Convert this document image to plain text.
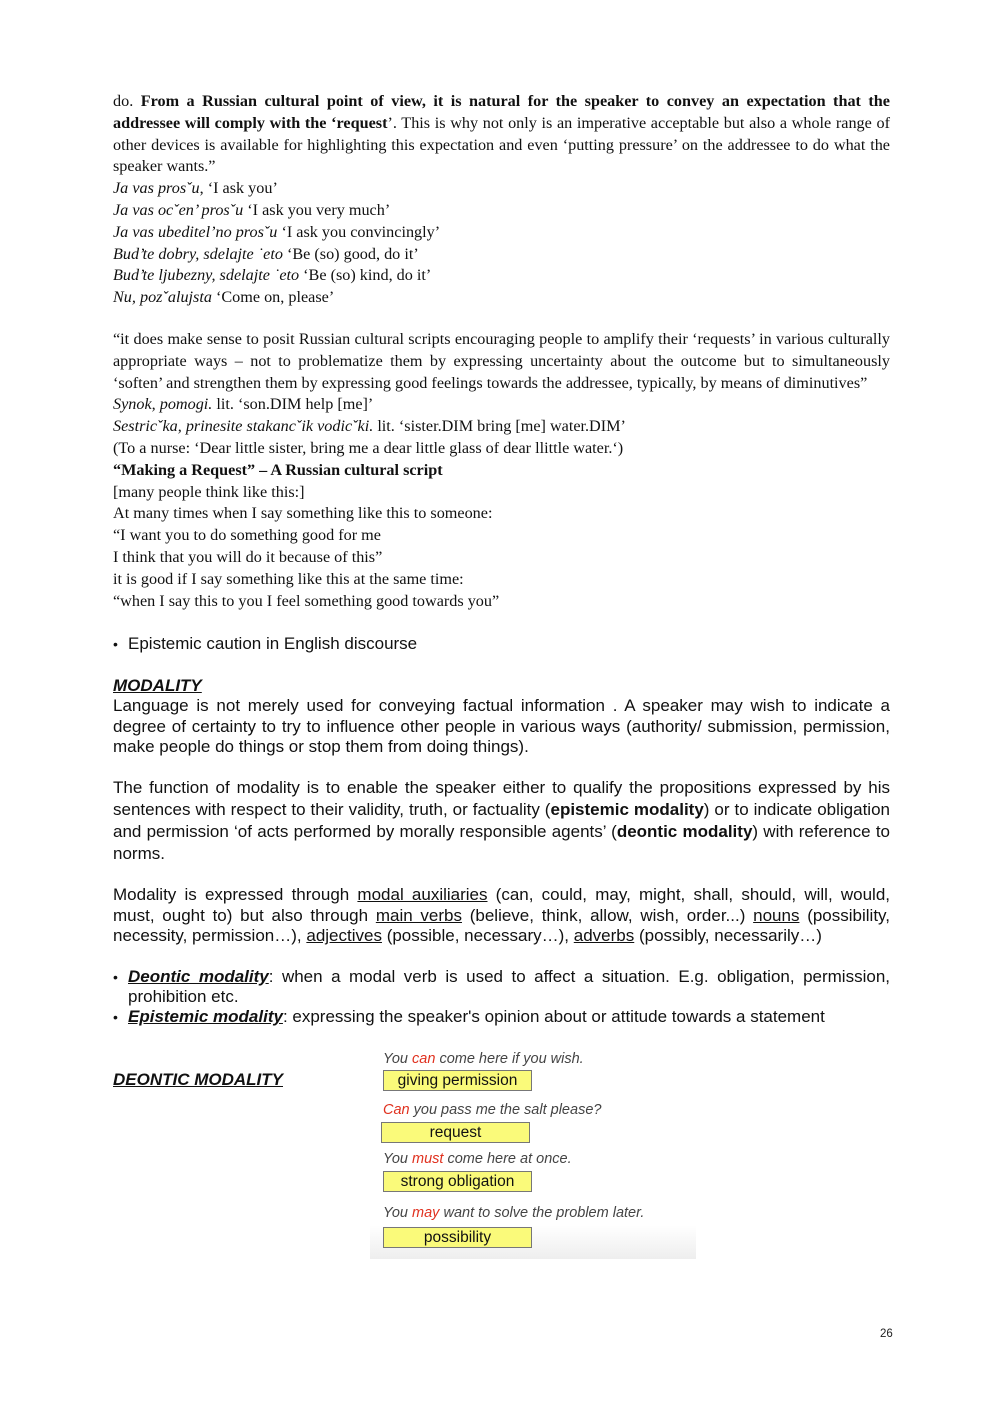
do. From a Russian cultural point of view, it is natural for the speaker to convey an expectation that the addressee will comply with the ‘request’. This is why not only is an imperative acceptable but also a whole range of other devices is available for highlighting this expectation and even ‘putting pressure’ on the addressee to do what the speaker wants.”

Ja vas prosˇu, ‘I ask you’

Ja vas ocˇen’ prosˇu ‘I ask you very much’

Ja vas ubeditel’no prosˇu ‘I ask you convincingly’

Bud’te dobry, sdelajte ˙eto ‘Be (so) good, do it’

Bud’te ljubezny, sdelajte ˙eto ‘Be (so) kind, do it’

Nu, pozˇalujsta ‘Come on, please’

“it does make sense to posit Russian cultural scripts encouraging people to amplify their ‘requests’ in various culturally appropriate ways – not to problematize them by expressing uncertainty about the outcome but to simultaneously ‘soften’ and strengthen them by expressing good feelings towards the addressee, typically, by means of diminutives”

Synok, pomogi. lit. ‘son.DIM help [me]’

Sestricˇka, prinesite stakancˇik vodicˇki. lit. ‘sister.DIM bring [me] water.DIM’

(To a nurse: ‘Dear little sister, bring me a dear little glass of dear llittle water.‘)

“Making a Request” – A Russian cultural script

[many people think like this:]

At many times when I say something like this to someone:

“I want you to do something good for me

I think that you will do it because of this”

it is good if I say something like this at the same time:

“when I say this to you I feel something good towards you”

• Epistemic caution in English discourse

MODALITY

Language is not merely used for conveying factual information . A speaker may wish to indicate a degree of certainty to try to influence other people in various ways (authority/ submission, permission, make people do things or stop them from doing things).

The function of modality is to enable the speaker either to qualify the propositions expressed by his sentences with respect to their validity, truth, or factuality (epistemic modality) or to indicate obligation and permission ‘of acts performed by morally responsible agents’ (deontic modality) with reference to norms.

Modality is expressed through modal auxiliaries (can, could, may, might, shall, should, will, would, must, ought to) but also through main verbs (believe, think, allow, wish, order...) nouns (possibility, necessity, permission…), adjectives (possible, necessary…), adverbs (possibly, necessarily…)

• Deontic modality: when a modal verb is used to affect a situation. E.g. obligation, permission, prohibition etc.

• Epistemic modality: expressing the speaker's opinion about or attitude towards a statement

DEONTIC MODALITY

You can come here if you wish.
giving permission
Can you pass me the salt please?
request
You must come here at once.
strong obligation
You may want to solve the problem later.
possibility
26
